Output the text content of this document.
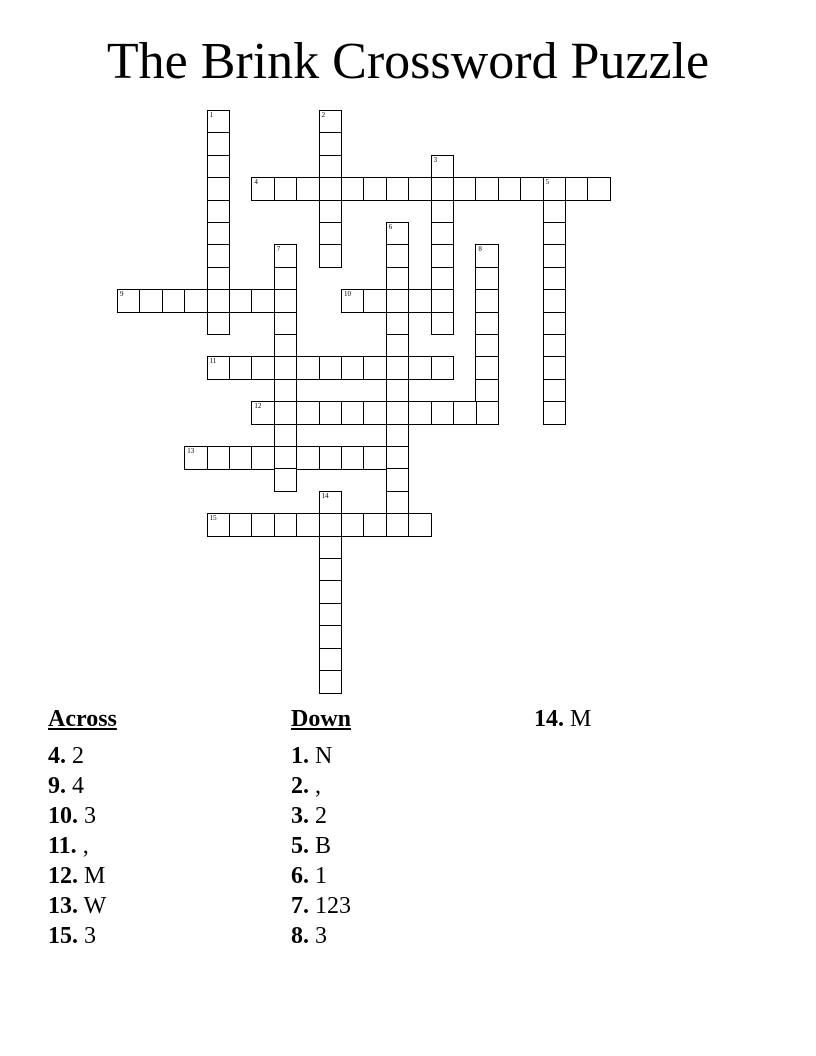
The Brink Crossword Puzzle
1	2
3
4	5
6
7	8
9	10
11
12
13
14
15
Across
4. 2
9. 4
10. 3
11. ,
12. M
13. W
15. 3
Down
1. N
2. ,
3. 2
5. B
6. 1
7. 123
8. 3
14. M
